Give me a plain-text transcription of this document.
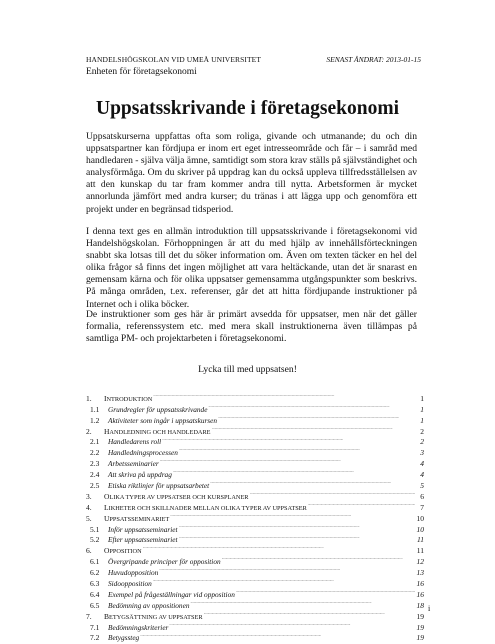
HANDELSHÖGSKOLAN VID UMEÅ UNIVERSITET	SENAST ÄNDRAT: 2013-01-15
Enheten för företagsekonomi
Uppsatsskrivande i företagsekonomi
Uppsatskurserna uppfattas ofta som roliga, givande och utmanande; du och din uppsatspartner kan fördjupa er inom ert eget intresseområde och får – i samråd med handledaren - själva välja ämne, samtidigt som stora krav ställs på självständighet och analysförmåga. Om du skriver på uppdrag kan du också uppleva tillfredsställelsen av att den kunskap du tar fram kommer andra till nytta. Arbetsformen är mycket annorlunda jämfört med andra kurser; du tränas i att lägga upp och genomföra ett projekt under en begränsad tidsperiod.
I denna text ges en allmän introduktion till uppsatsskrivande i företagsekonomi vid Handelshögskolan. Förhoppningen är att du med hjälp av innehållsförteckningen snabbt ska lotsas till det du söker information om. Även om texten täcker en hel del olika frågor så finns det ingen möjlighet att vara heltäckande, utan det är snarast en gemensam kärna och för olika uppsatser gemensamma utgångspunkter som beskrivs. På många områden, t.ex. referenser, går det att hitta fördjupande instruktioner på Internet och i olika böcker.
De instruktioner som ges här är primärt avsedda för uppsatser, men när det gäller formalia, referenssystem etc. med mera skall instruktionerna även tillämpas på samtliga PM- och projektarbeten i företagsekonomi.
Lycka till med uppsatsen!
1.	INTRODUKTION . . .	1
1.1	Grundregler för uppsatsskrivande . . .	1
1.2	Aktiviteter som ingår i uppsatskursen . . .	1
2.	HANDLEDNING OCH HANDLEDARE . . .	2
2.1	Handledarens roll . . .	2
2.2	Handledningsprocessen . . .	3
2.3	Arbetsseminarier . . .	4
2.4	Att skriva på uppdrag . . .	4
2.5	Etiska riktlinjer för uppsatsarbetet . . .	5
3.	OLIKA TYPER AV UPPSATSER OCH KURSPLANER . . .	6
4.	LIKHETER OCH SKILLNADER MELLAN OLIKA TYPER AV UPPSATSER . . .	7
5.	UPPSATSSEMINARIET . . .	10
5.1	Inför uppsatsseminariet . . .	10
5.2	Efter uppsatsseminariet . . .	11
6.	OPPOSITION . . .	11
6.1	Övergripande principer för opposition . . .	12
6.2	Huvudopposition . . .	13
6.3	Sidoopposition . . .	16
6.4	Exempel på frågeställningar vid opposition . . .	16
6.5	Bedömning av oppositionen . . .	18
7.	BETYGSÄTTNING AV UPPSATSER . . .	19
7.1	Bedömningskriterier . . .	19
7.2	Betygssteg . . .	19
i
